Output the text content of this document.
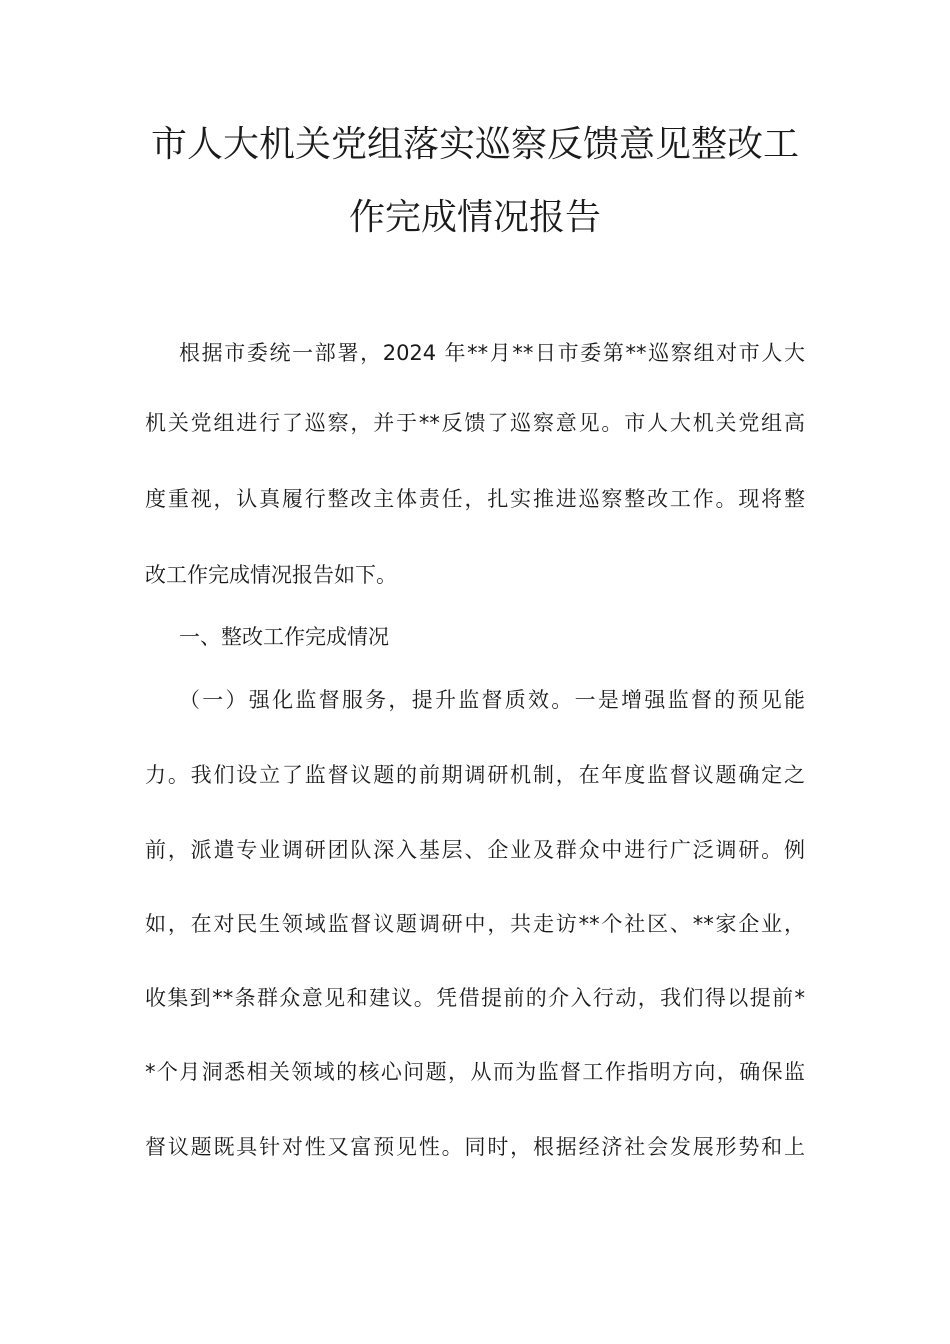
市人大机关党组落实巡察反馈意见整改工
作完成情况报告
根据市委统一部署，2024 年**月**日市委第**巡察组对市人大
机关党组进行了巡察，并于**反馈了巡察意见。市人大机关党组高
度重视，认真履行整改主体责任，扎实推进巡察整改工作。现将整
改工作完成情况报告如下。
一、整改工作完成情况
（一）强化监督服务，提升监督质效。一是增强监督的预见能
力。我们设立了监督议题的前期调研机制，在年度监督议题确定之
前，派遣专业调研团队深入基层、企业及群众中进行广泛调研。例
如，在对民生领域监督议题调研中，共走访**个社区、**家企业，
收集到**条群众意见和建议。凭借提前的介入行动，我们得以提前*
*个月洞悉相关领域的核心问题，从而为监督工作指明方向，确保监
督议题既具针对性又富预见性。同时，根据经济社会发展形势和上
